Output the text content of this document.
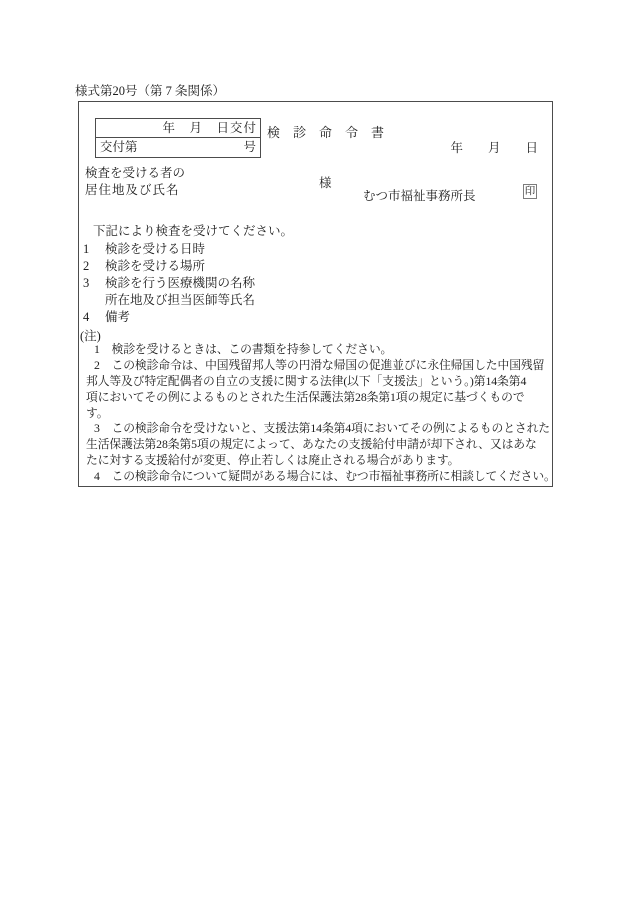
様式第20号（第 7 条関係）
年　月　日交付
交付第	号
検　診　命　令　書
年　　月　　日
検査を受ける者の
居住地及び氏名	様
むつ市福祉事務所長	印
下記により検査を受けてください。
1	検診を受ける日時
2	検診を受ける場所
3	検診を行う医療機関の名称
所在地及び担当医師等氏名
4	備考
(注)
1　検診を受けるときは、この書類を持参してください。
2　この検診命令は、中国残留邦人等の円滑な帰国の促進並びに永住帰国した中国残留
邦人等及び特定配偶者の自立の支援に関する法律(以下「支援法」という。)第14条第4
項においてその例によるものとされた生活保護法第28条第1項の規定に基づくもので
す。
3　この検診命令を受けないと、支援法第14条第4項においてその例によるものとされた
生活保護法第28条第5項の規定によって、あなたの支援給付申請が却下され、又はあな
たに対する支援給付が変更、停止若しくは廃止される場合があります。
4　この検診命令について疑問がある場合には、むつ市福祉事務所に相談してください。
